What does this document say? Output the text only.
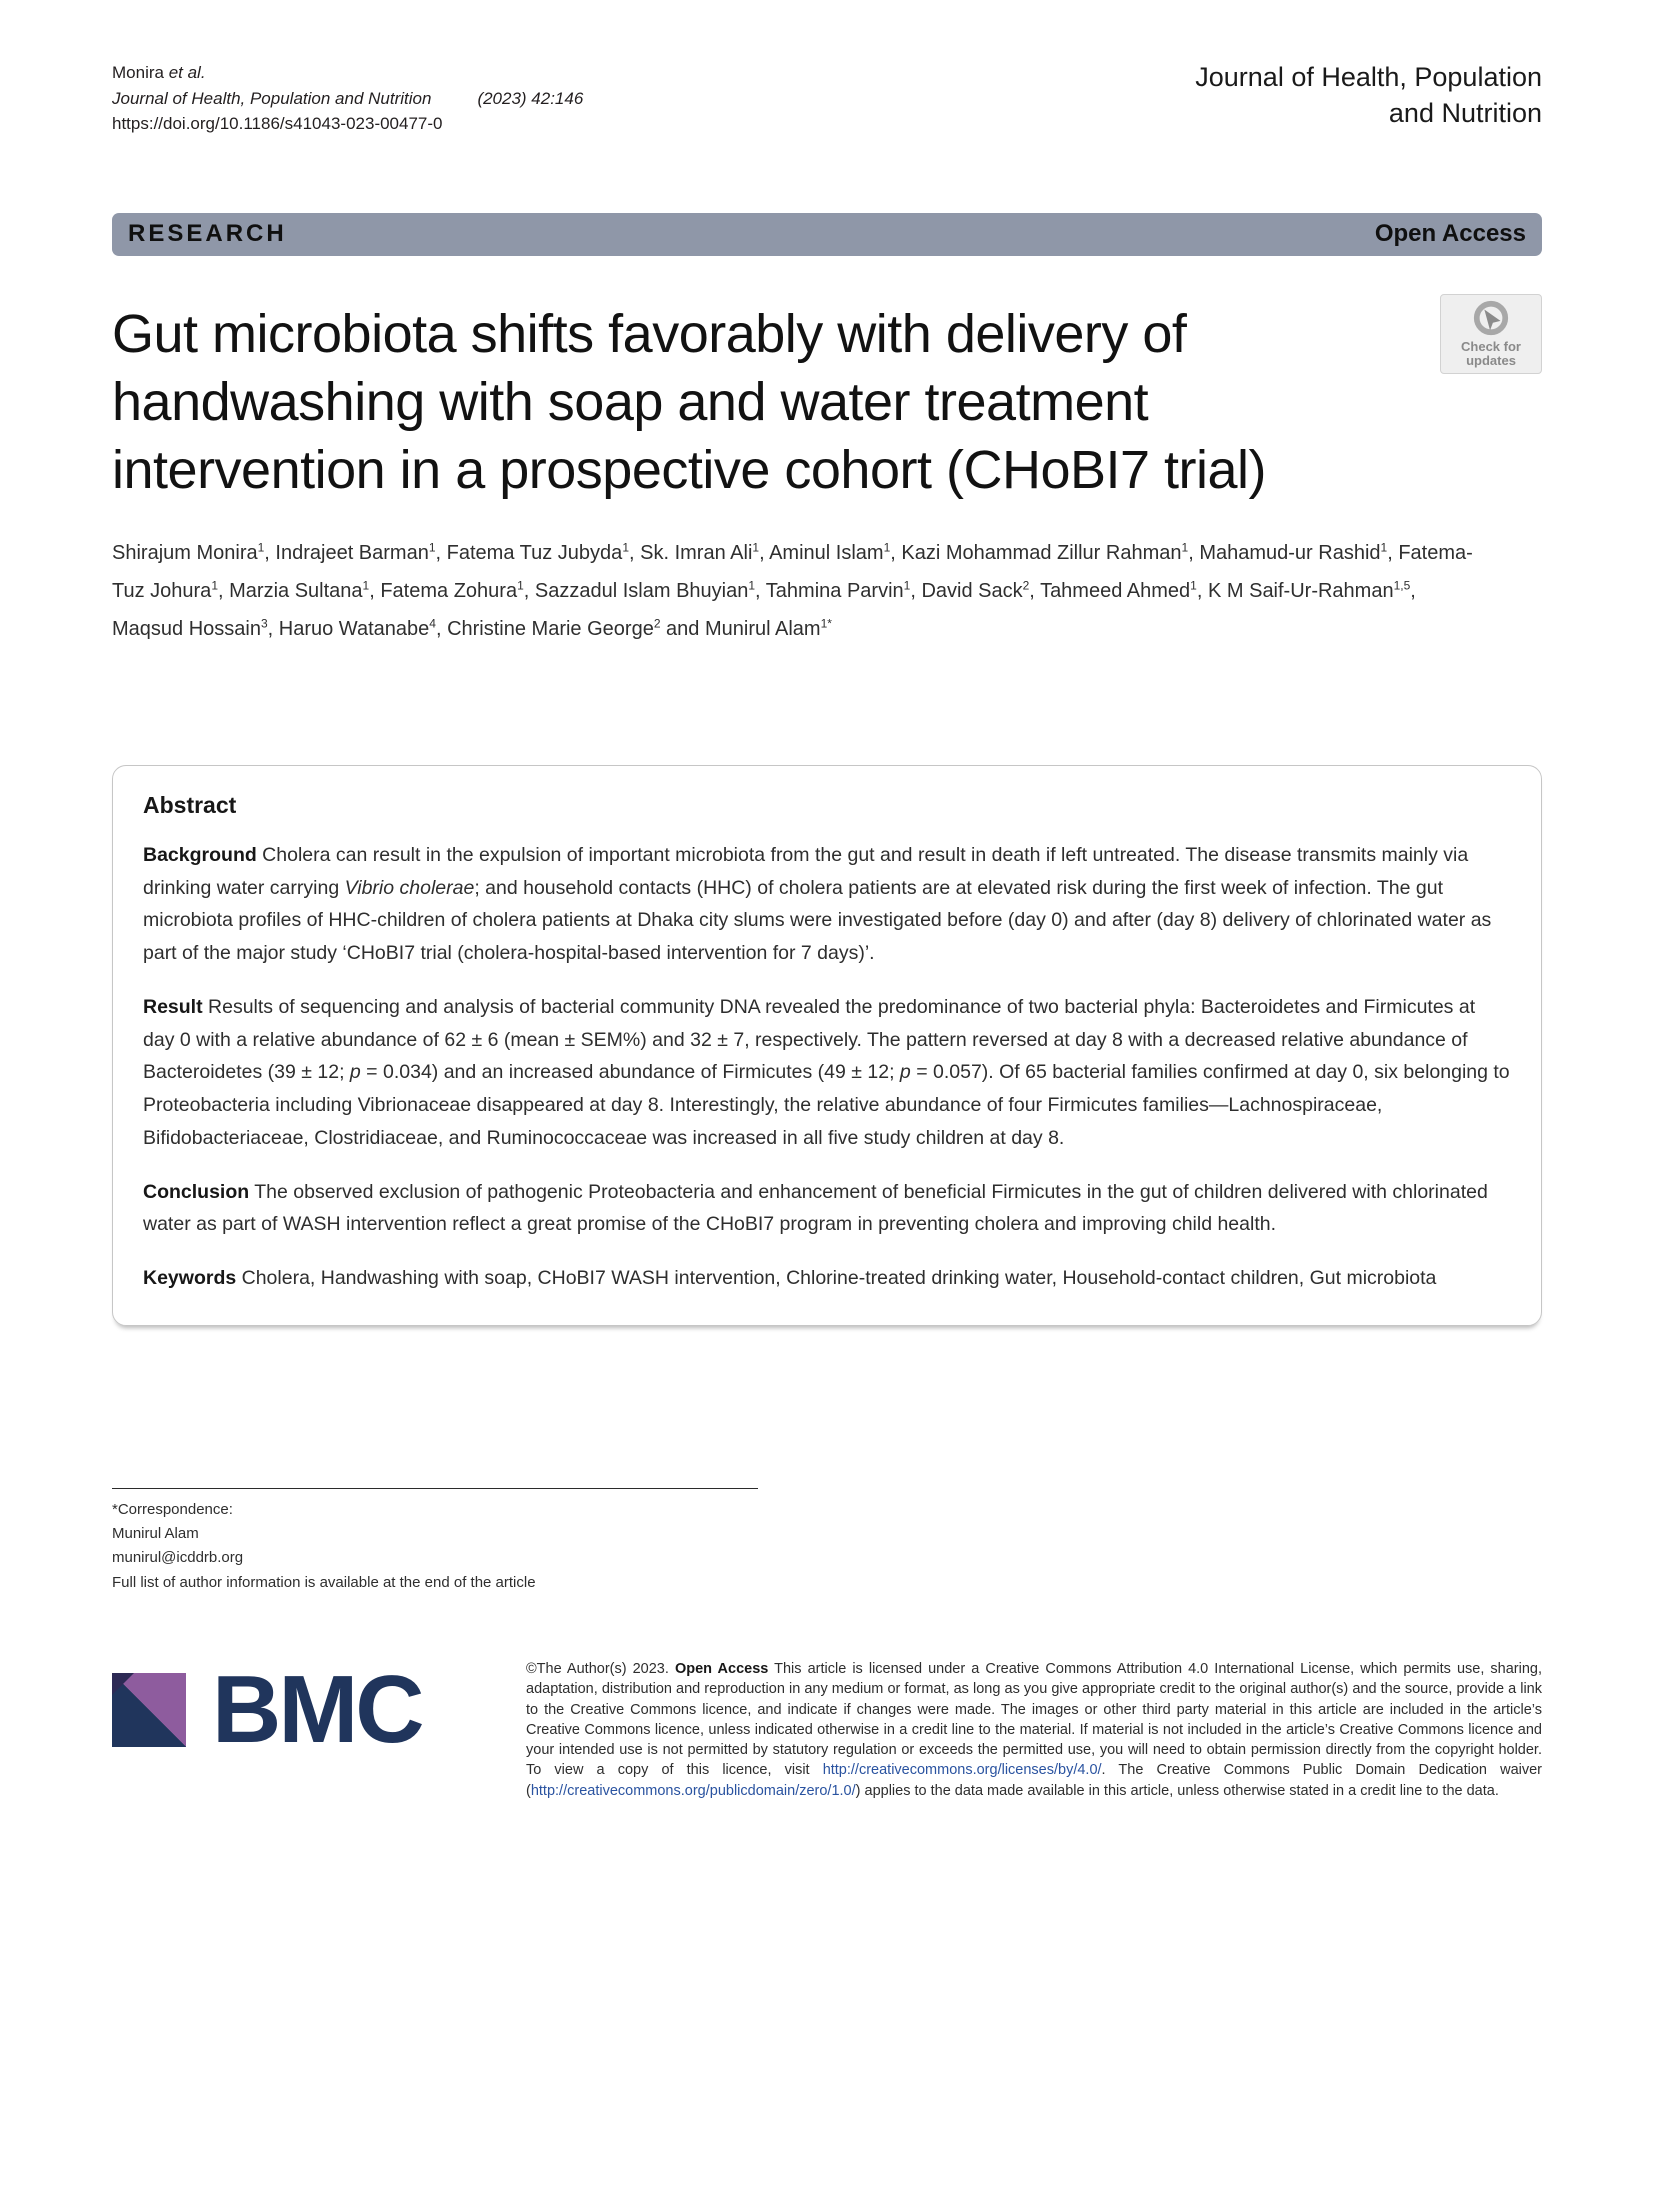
Monira et al.
Journal of Health, Population and Nutrition	(2023) 42:146
https://doi.org/10.1186/s41043-023-00477-0
Journal of Health, Population
and Nutrition
RESEARCH	Open Access
Gut microbiota shifts favorably with delivery of handwashing with soap and water treatment intervention in a prospective cohort (CHoBI7 trial)
Check for
updates

Shirajum Monira$^1$, Indrajeet Barman$^1$, Fatema Tuz Jubyda$^1$, Sk. Imran Ali$^1$, Aminul Islam$^1$, Kazi Mohammad Zillur Rahman$^1$, Mahamud-ur Rashid$^1$, Fatema-Tuz Johura$^1$, Marzia Sultana$^1$, Fatema Zohura$^1$, Sazzadul Islam Bhuyian$^1$, Tahmina Parvin$^1$, David Sack$^2$, Tahmeed Ahmed$^1$, K M Saif-Ur-Rahman$^{1,5}$, Maqsud Hossain$^3$, Haruo Watanabe$^4$, Christine Marie George$^2$ and Munirul Alam$^{1*}$

Abstract

Background Cholera can result in the expulsion of important microbiota from the gut and result in death if left untreated. The disease transmits mainly via drinking water carrying Vibrio cholerae; and household contacts (HHC) of cholera patients are at elevated risk during the first week of infection. The gut microbiota profiles of HHC-children of cholera patients at Dhaka city slums were investigated before (day 0) and after (day 8) delivery of chlorinated water as part of the major study ‘CHoBI7 trial (cholera-hospital-based intervention for 7 days)’.

Result Results of sequencing and analysis of bacterial community DNA revealed the predominance of two bacterial phyla: Bacteroidetes and Firmicutes at day 0 with a relative abundance of 62 ± 6 (mean ± SEM%) and 32 ± 7, respectively. The pattern reversed at day 8 with a decreased relative abundance of Bacteroidetes (39 ± 12; p = 0.034) and an increased abundance of Firmicutes (49 ± 12; p = 0.057). Of 65 bacterial families confirmed at day 0, six belonging to Proteobacteria including Vibrionaceae disappeared at day 8. Interestingly, the relative abundance of four Firmicutes families—Lachnospiraceae, Bifidobacteriaceae, Clostridiaceae, and Ruminococcaceae was increased in all five study children at day 8.

Conclusion The observed exclusion of pathogenic Proteobacteria and enhancement of beneficial Firmicutes in the gut of children delivered with chlorinated water as part of WASH intervention reflect a great promise of the CHoBI7 program in preventing cholera and improving child health.

Keywords Cholera, Handwashing with soap, CHoBI7 WASH intervention, Chlorine-treated drinking water, Household-contact children, Gut microbiota

*Correspondence:
Munirul Alam
munirul@icddrb.org
Full list of author information is available at the end of the article
BMC	©The Author(s) 2023. Open Access This article is licensed under a Creative Commons Attribution 4.0 International License, which permits use, sharing, adaptation, distribution and reproduction in any medium or format, as long as you give appropriate credit to the original author(s) and the source, provide a link to the Creative Commons licence, and indicate if changes were made. The images or other third party material in this article are included in the article’s Creative Commons licence, unless indicated otherwise in a credit line to the material. If material is not included in the article’s Creative Commons licence and your intended use is not permitted by statutory regulation or exceeds the permitted use, you will need to obtain permission directly from the copyright holder. To view a copy of this licence, visit http://creativecommons.org/licenses/by/4.0/. The Creative Commons Public Domain Dedication waiver (http://creativecommons.org/publicdomain/zero/1.0/) applies to the data made available in this article, unless otherwise stated in a credit line to the data.
